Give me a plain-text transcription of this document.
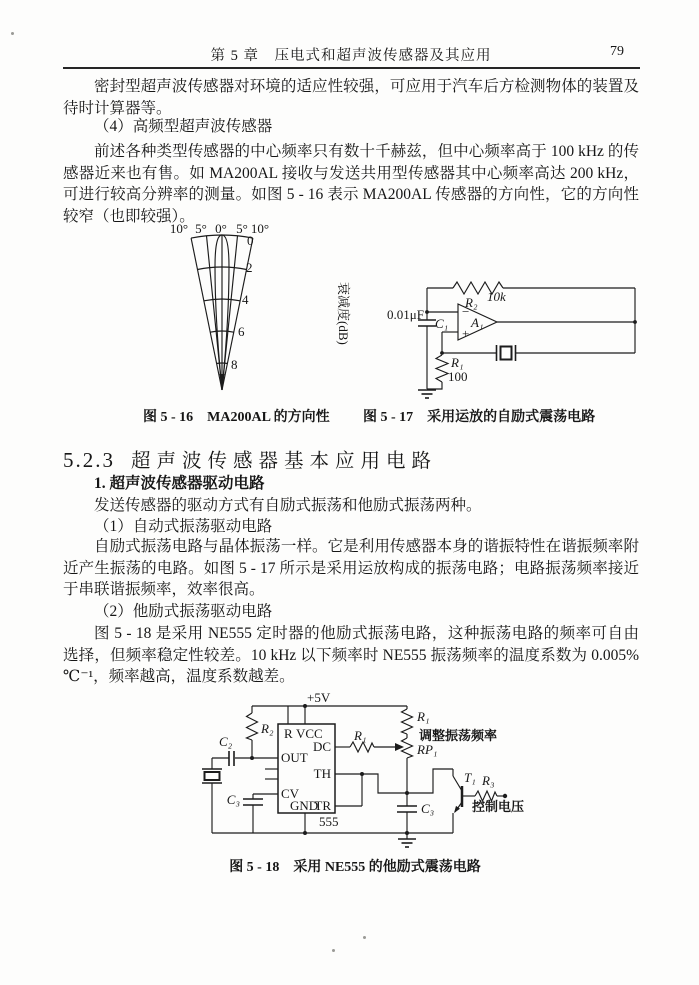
第 5 章　压电式和超声波传感器及其应用	79
密封型超声波传感器对环境的适应性较强，可应用于汽车后方检测物体的装置及待时计算器等。
（4）高频型超声波传感器
前述各种类型传感器的中心频率只有数十千赫兹，但中心频率高于 100 kHz 的传感器近来也有售。如 MA200AL 接收与发送共用型传感器其中心频率高达 200 kHz，可进行较高分辨率的测量。如图 5 - 16 表示 MA200AL 传感器的方向性，它的方向性较窄（也即较强）。
10° 5° 0° 5° 10°
0
2
4
6
8
衰减度(dB)	R₂ 10k
0.01μF
C₁
−
+
A₁
R₁
100
图 5 - 16　MA200AL 的方向性 图 5 - 17　采用运放的自励式震荡电路
5.2.3 超声波传感器基本应用电路
1. 超声波传感器驱动电路
发送传感器的驱动方式有自励式振荡和他励式振荡两种。
（1）自动式振荡驱动电路
自励式振荡电路与晶体振荡一样。它是利用传感器本身的谐振特性在谐振频率附近产生振荡的电路。如图 5 - 17 所示是采用运放构成的振荡电路；电路振荡频率接近于串联谐振频率，效率很高。
（2）他励式振荡驱动电路
图 5 - 18 是采用 NE555 定时器的他励式振荡电路，这种振荡电路的频率可自由选择，但频率稳定性较差。10 kHz 以下频率时 NE555 振荡频率的温度系数为 0.005% ℃⁻¹，频率越高，温度系数越差。
+5V
R₂
C₂
C₃
R VCC
DC
OUT
TH
CV
GND
TR
555
R₁
R₁
调整振荡频率
RP₁
C₃
T₁ R₃
控制电压
图 5 - 18　采用 NE555 的他励式震荡电路
